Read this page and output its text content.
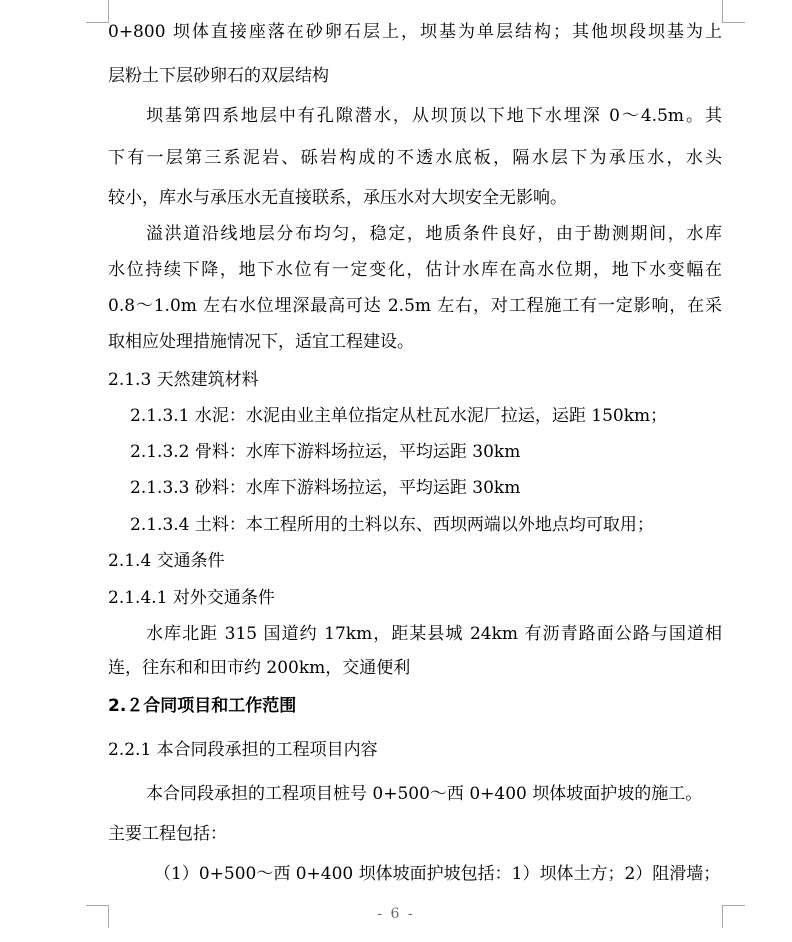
0+800 坝体直接座落在砂卵石层上，坝基为单层结构；其他坝段坝基为上
层粉土下层砂卵石的双层结构
坝基第四系地层中有孔隙潜水，从坝顶以下地下水埋深 0～4.5m。其
下有一层第三系泥岩、砾岩构成的不透水底板，隔水层下为承压水，水头
较小，库水与承压水无直接联系，承压水对大坝安全无影响。
溢洪道沿线地层分布均匀，稳定，地质条件良好，由于勘测期间，水库
水位持续下降，地下水位有一定变化，估计水库在高水位期，地下水变幅在
0.8～1.0m 左右水位埋深最高可达 2.5m 左右，对工程施工有一定影响，在采
取相应处理措施情况下，适宜工程建设。
2.1.3 天然建筑材料
2.1.3.1 水泥：水泥由业主单位指定从杜瓦水泥厂拉运，运距 150km；
2.1.3.2 骨料：水库下游料场拉运，平均运距 30km
2.1.3.3 砂料：水库下游料场拉运，平均运距 30km
2.1.3.4 土料：本工程所用的土料以东、西坝两端以外地点均可取用；
2.1.4 交通条件
2.1.4.1 对外交通条件
水库北距 315 国道约 17km，距某县城 24km 有沥青路面公路与国道相
连，往东和和田市约 200km，交通便利
2.２合同项目和工作范围
2.2.1 本合同段承担的工程项目内容
本合同段承担的工程项目桩号 0+500～西 0+400 坝体坡面护坡的施工。
主要工程包括：
（1）0+500～西 0+400 坝体坡面护坡包括：1）坝体土方；2）阻滑墙；
- 6 -
